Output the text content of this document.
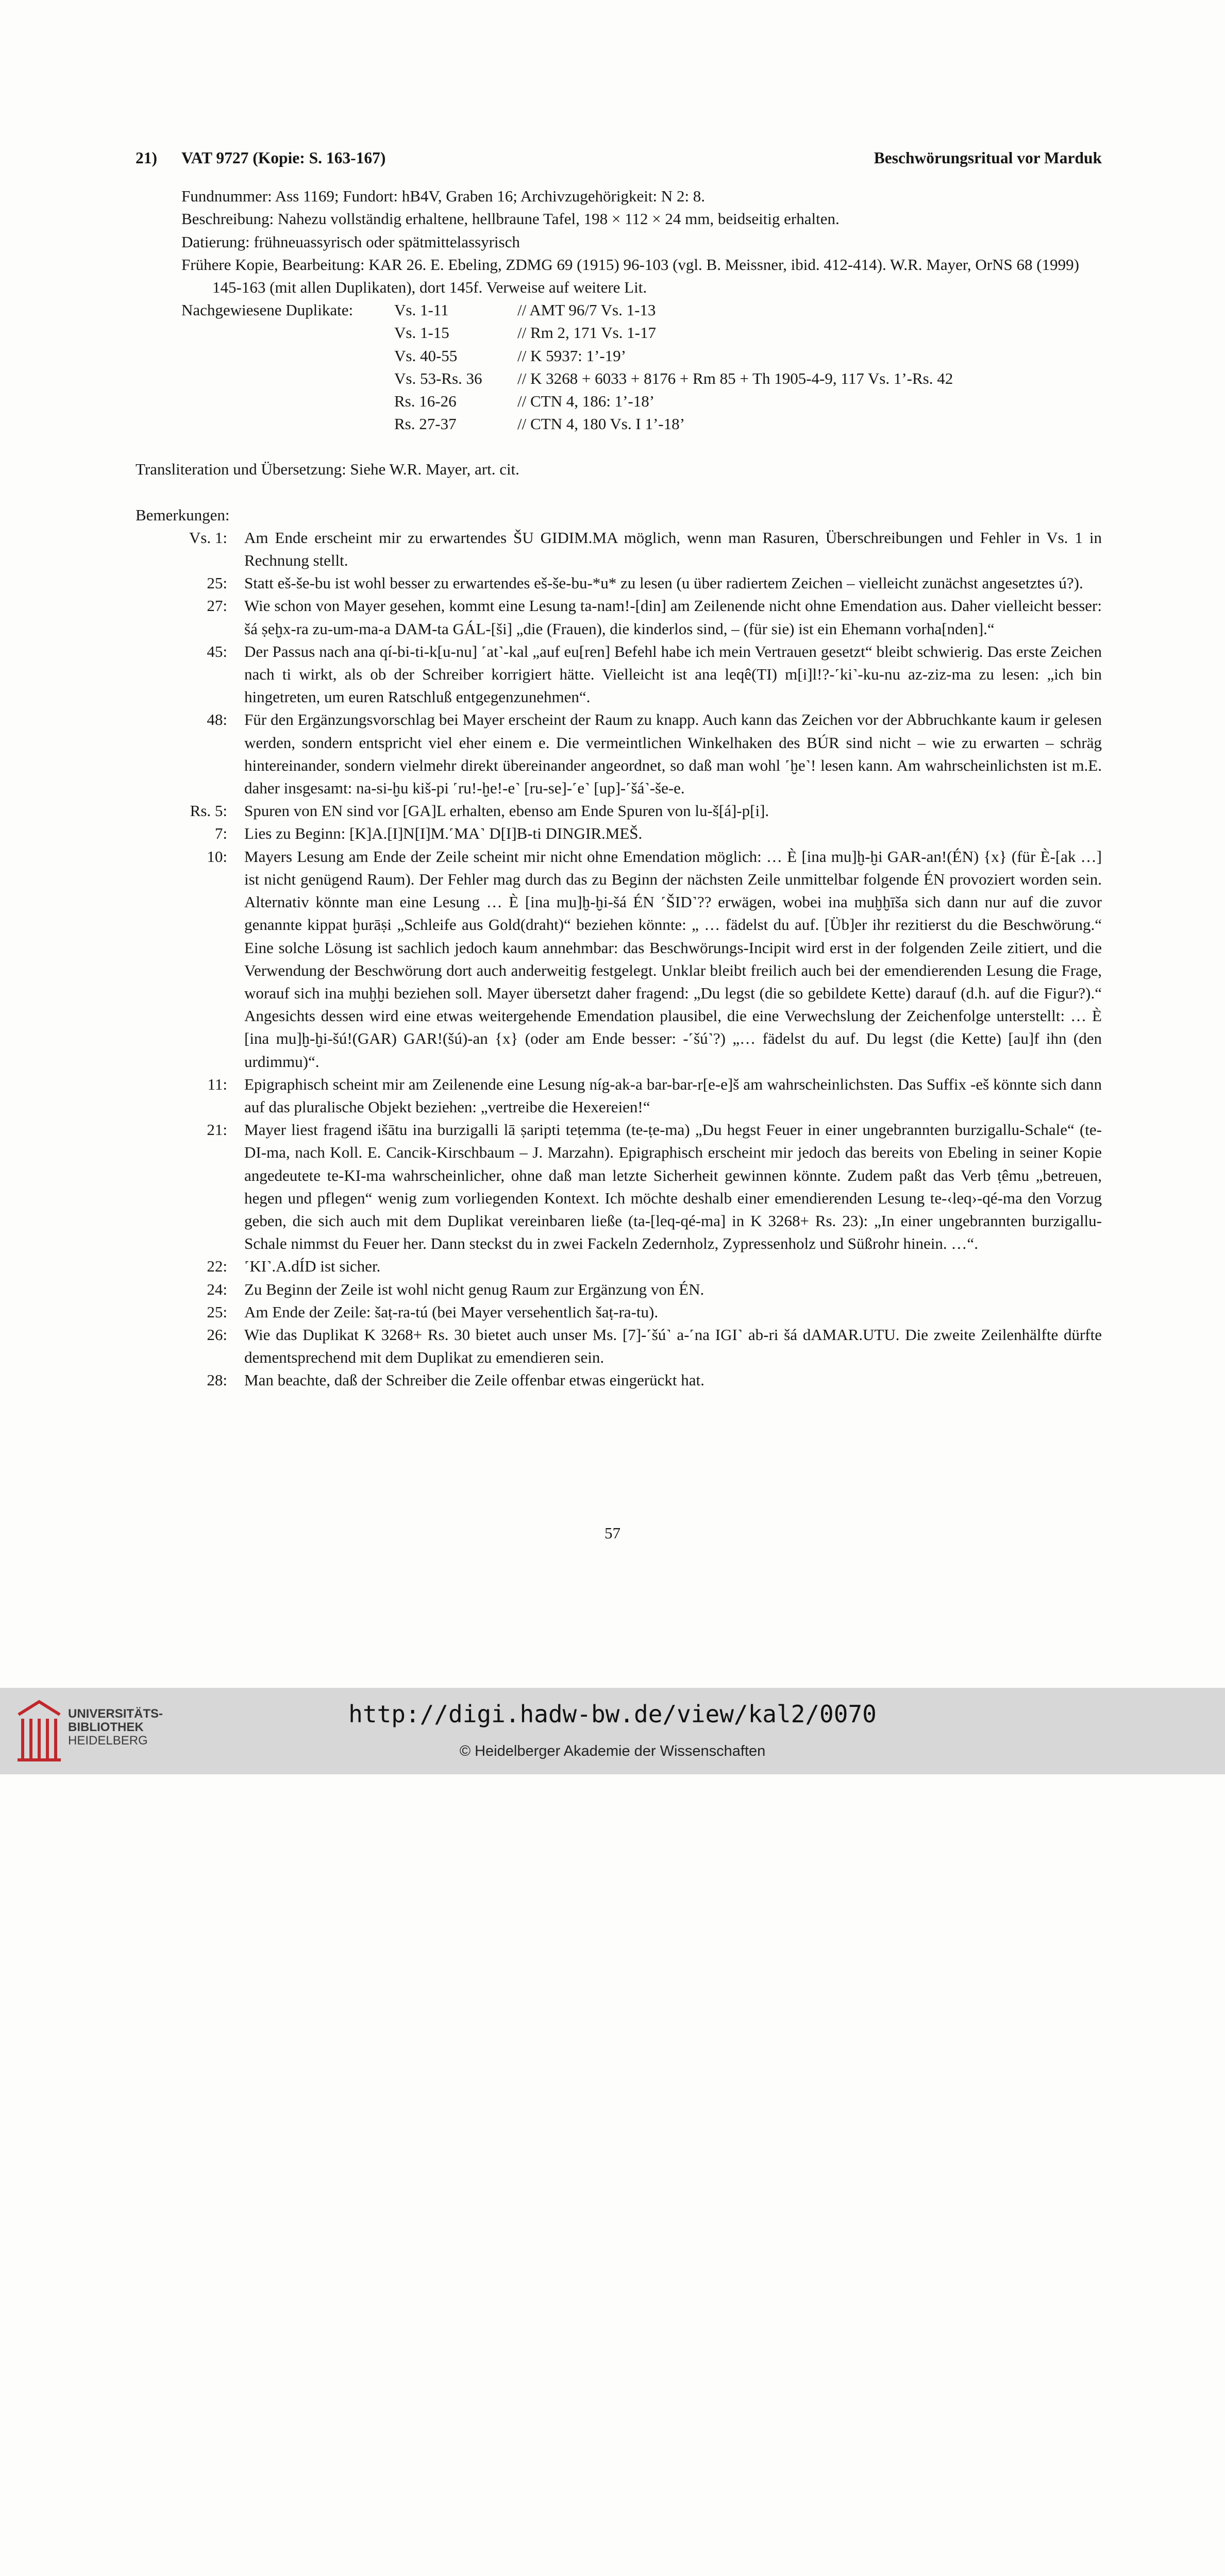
21)	VAT 9727 (Kopie: S. 163-167)	Beschwörungsritual vor Marduk

Fundnummer: Ass 1169; Fundort: hB4V, Graben 16; Archivzugehörigkeit: N 2: 8.

Beschreibung: Nahezu vollständig erhaltene, hellbraune Tafel, 198 × 112 × 24 mm, beidseitig erhalten.

Datierung: frühneuassyrisch oder spätmittelassyrisch

Frühere Kopie, Bearbeitung: KAR 26. E. Ebeling, ZDMG 69 (1915) 96-103 (vgl. B. Meissner, ibid. 412-414). W.R. Mayer, OrNS 68 (1999) 145-163 (mit allen Duplikaten), dort 145f. Verweise auf weitere Lit.

Nachgewiesene Duplikate:	Vs. 1-11	// AMT 96/7 Vs. 1-13
Vs. 1-15	// Rm 2, 171 Vs. 1-17
Vs. 40-55	// K 5937: 1’-19’
Vs. 53-Rs. 36	// K 3268 + 6033 + 8176 + Rm 85 + Th 1905-4-9, 117 Vs. 1’-Rs. 42
Rs. 16-26	// CTN 4, 186: 1’-18’
Rs. 27-37	// CTN 4, 180 Vs. I 1’-18’

Transliteration und Übersetzung: Siehe W.R. Mayer, art. cit.

Bemerkungen:

Vs. 1: Am Ende erscheint mir zu erwartendes ŠU GIDIM.MA möglich, wenn man Rasuren, Überschreibungen und Fehler in Vs. 1 in Rechnung stellt.
25: Statt eš-še-bu ist wohl besser zu erwartendes eš-še-bu-*u* zu lesen (u über radiertem Zeichen – vielleicht zunächst angesetztes ú?).
27: Wie schon von Mayer gesehen, kommt eine Lesung ta-nam!-[din] am Zeilenende nicht ohne Emendation aus. Daher vielleicht besser: šá ṣeḫx-ra zu-um-ma-a DAM-ta GÁL-[ši] „die (Frauen), die kinderlos sind, – (für sie) ist ein Ehemann vorha[nden].“
45: Der Passus nach ana qí-bi-ti-k[u-nu] ˹at˺-kal „auf eu[ren] Befehl habe ich mein Vertrauen gesetzt“ bleibt schwierig. Das erste Zeichen nach ti wirkt, als ob der Schreiber korrigiert hätte. Vielleicht ist ana leqê(TI) m[i]l!?-˹ki˺-ku-nu az-ziz-ma zu lesen: „ich bin hingetreten, um euren Ratschluß entgegenzunehmen“.
48: Für den Ergänzungsvorschlag bei Mayer erscheint der Raum zu knapp. Auch kann das Zeichen vor der Abbruchkante kaum ir gelesen werden, sondern entspricht viel eher einem e. Die vermeintlichen Winkelhaken des BÚR sind nicht – wie zu erwarten – schräg hintereinander, sondern vielmehr direkt übereinander angeordnet, so daß man wohl ˹ḫe˺! lesen kann. Am wahrscheinlichsten ist m.E. daher insgesamt: na-si-ḫu kiš-pi ˹ru!-ḫe!-e˺ [ru-se]-˹e˺ [up]-˹šá˺-še-e.
Rs. 5: Spuren von EN sind vor [GA]L erhalten, ebenso am Ende Spuren von lu-š[á]-p[i].
7: Lies zu Beginn: [K]A.[I]N[I]M.˹MA˺ D[I]B-ti DINGIR.MEŠ.
10: Mayers Lesung am Ende der Zeile scheint mir nicht ohne Emendation möglich: … È [ina mu]ḫ-ḫi GAR-an!(ÉN) {x} (für È-[ak …] ist nicht genügend Raum). Der Fehler mag durch das zu Beginn der nächsten Zeile unmittelbar folgende ÉN provoziert worden sein. Alternativ könnte man eine Lesung … È [ina mu]ḫ-ḫi-šá ÉN ˹ŠID˺?? erwägen, wobei ina muḫḫīša sich dann nur auf die zuvor genannte kippat ḫurāṣi „Schleife aus Gold(draht)“ beziehen könnte: „ … fädelst du auf. [Üb]er ihr rezitierst du die Beschwörung.“ Eine solche Lösung ist sachlich jedoch kaum annehmbar: das Beschwörungs-Incipit wird erst in der folgenden Zeile zitiert, und die Verwendung der Beschwörung dort auch anderweitig festgelegt. Unklar bleibt freilich auch bei der emendierenden Lesung die Frage, worauf sich ina muḫḫi beziehen soll. Mayer übersetzt daher fragend: „Du legst (die so gebildete Kette) darauf (d.h. auf die Figur?).“ Angesichts dessen wird eine etwas weitergehende Emendation plausibel, die eine Verwechslung der Zeichenfolge unterstellt: … È [ina mu]ḫ-ḫi-šú!(GAR) GAR!(šú)-an {x} (oder am Ende besser: -˹šú˺?) „… fädelst du auf. Du legst (die Kette) [au]f ihn (den urdimmu)“.
11: Epigraphisch scheint mir am Zeilenende eine Lesung níg-ak-a bar-bar-r[e-e]š am wahrscheinlichsten. Das Suffix -eš könnte sich dann auf das pluralische Objekt beziehen: „vertreibe die Hexereien!“
21: Mayer liest fragend išātu ina burzigalli lā ṣaripti teṭemma (te-ṭe-ma) „Du hegst Feuer in einer ungebrannten burzigallu-Schale“ (te-DI-ma, nach Koll. E. Cancik-Kirschbaum – J. Marzahn). Epigraphisch erscheint mir jedoch das bereits von Ebeling in seiner Kopie angedeutete te-KI-ma wahrscheinlicher, ohne daß man letzte Sicherheit gewinnen könnte. Zudem paßt das Verb ṭêmu „betreuen, hegen und pflegen“ wenig zum vorliegenden Kontext. Ich möchte deshalb einer emendierenden Lesung te-‹leq›-qé-ma den Vorzug geben, die sich auch mit dem Duplikat vereinbaren ließe (ta-[leq-qé-ma] in K 3268+ Rs. 23): „In einer ungebrannten burzigallu-Schale nimmst du Feuer her. Dann steckst du in zwei Fackeln Zedernholz, Zypressenholz und Süßrohr hinein. …“.
22: ˹KI˺.A.dÍD ist sicher.
24: Zu Beginn der Zeile ist wohl nicht genug Raum zur Ergänzung von ÉN.
25: Am Ende der Zeile: šaṭ-ra-tú (bei Mayer versehentlich šaṭ-ra-tu).
26: Wie das Duplikat K 3268+ Rs. 30 bietet auch unser Ms. [7]-˹šú˺ a-˹na IGI˺ ab-ri šá dAMAR.UTU. Die zweite Zeilenhälfte dürfte dementsprechend mit dem Duplikat zu emendieren sein.
28: Man beachte, daß der Schreiber die Zeile offenbar etwas eingerückt hat.
57
UNIVERSITÄTS-
BIBLIOTHEK
HEIDELBERG
http://digi.hadw-bw.de/view/kal2/0070
© Heidelberger Akademie der Wissenschaften
